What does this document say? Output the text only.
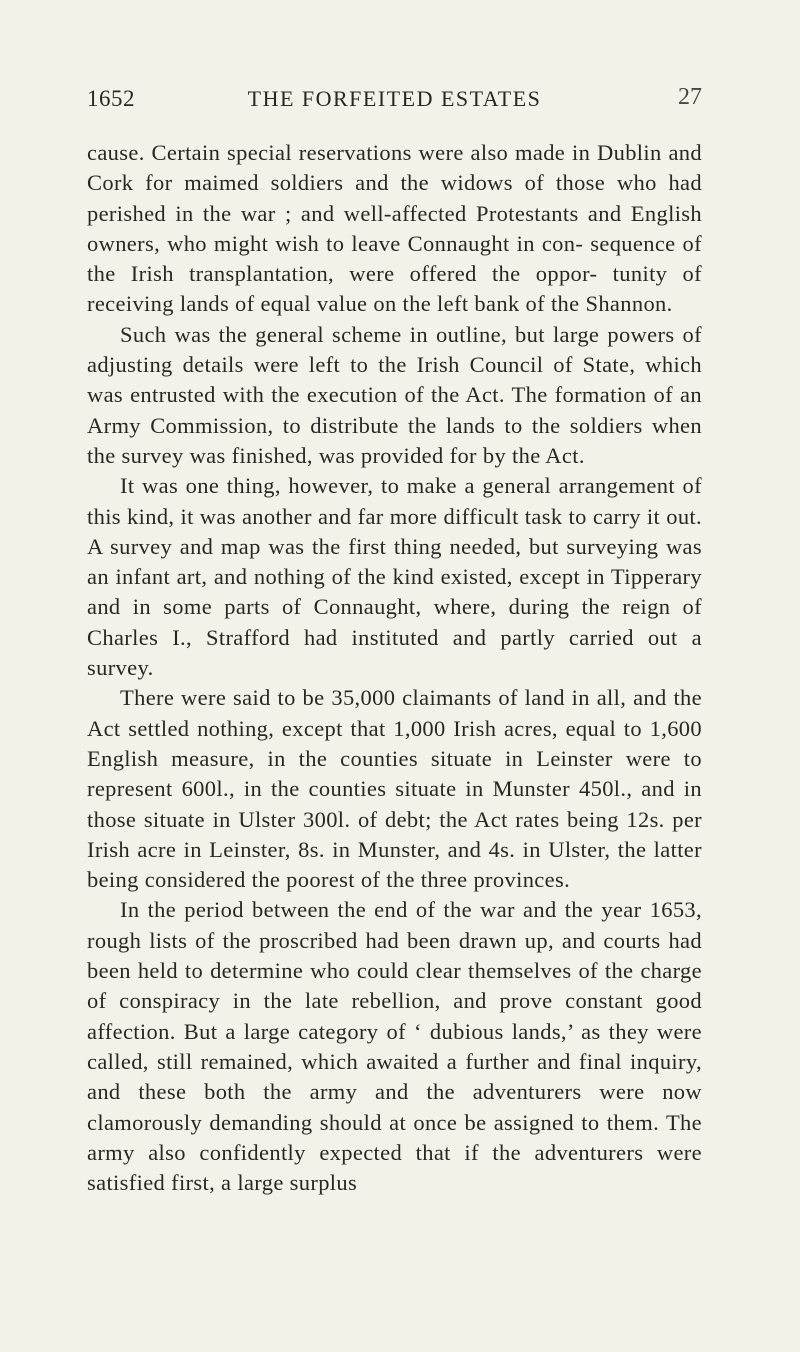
1652	THE FORFEITED ESTATES	27

cause. Certain special reservations were also made in Dublin and Cork for maimed soldiers and the widows of those who had perished in the war ; and well-affected Protestants and English owners, who might wish to leave Connaught in con- sequence of the Irish transplantation, were offered the oppor- tunity of receiving lands of equal value on the left bank of the Shannon.

Such was the general scheme in outline, but large powers of adjusting details were left to the Irish Council of State, which was entrusted with the execution of the Act. The formation of an Army Commission, to distribute the lands to the soldiers when the survey was finished, was provided for by the Act.

It was one thing, however, to make a general arrangement of this kind, it was another and far more difficult task to carry it out. A survey and map was the first thing needed, but surveying was an infant art, and nothing of the kind existed, except in Tipperary and in some parts of Connaught, where, during the reign of Charles I., Strafford had instituted and partly carried out a survey.

There were said to be 35,000 claimants of land in all, and the Act settled nothing, except that 1,000 Irish acres, equal to 1,600 English measure, in the counties situate in Leinster were to represent 600l., in the counties situate in Munster 450l., and in those situate in Ulster 300l. of debt; the Act rates being 12s. per Irish acre in Leinster, 8s. in Munster, and 4s. in Ulster, the latter being considered the poorest of the three provinces.

In the period between the end of the war and the year 1653, rough lists of the proscribed had been drawn up, and courts had been held to determine who could clear themselves of the charge of conspiracy in the late rebellion, and prove constant good affection. But a large category of ‘ dubious lands,’ as they were called, still remained, which awaited a further and final inquiry, and these both the army and the adventurers were now clamorously demanding should at once be assigned to them. The army also confidently expected that if the adventurers were satisfied first, a large surplus
